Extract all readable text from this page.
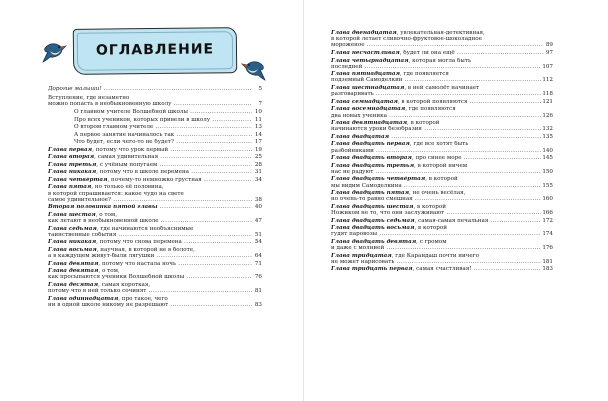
ОГЛАВЛЕНИЕ
Дорогие малыши! .....	5
Вступление, где незаметно
можно попасть в необыкновенную школу .....	7
О главном учителе Волшебной школы .....	10
Про всех учеников, которых привели в школу .....	11
О втором главном учителе .....	13
А первое занятие начиналось так .....	14
Что будет, если чего-то не будет? .....	17
Глава первая, потому что урок первый .....	19
Глава вторая, самая удивительная .....	25
Глава третья, с учёным попугаем .....	28
Глава никакая, потому что в школе перемена .....	31
Глава четвёртая, почему-то немножко грустная .....	34
Глава пятая, но только её половина,
в которой спрашивается: какое чудо на свете
самое удивительное? .....	38
Вторая половинка пятой главы .....	40
Глава шестая, о том,
как летают в необыкновенной школе .....	47
Глава седьмая, где начинаются необъяснимые
таинственные события .....	51
Глава никакая, потому что снова перемена .....	54
Глава восьмая, научная, в которой не в болоте,
а в каждущем живут-были лягушки .....	64
Глава девятая, потому что настала ночь .....	71
Глава девятая, о том,
как просыпаются ученики Волшебной школы .....	76
Глава десятая, самая короткая,
потому что в ней только сочинят .....	81
Глава одиннадцатая, про такое, чего
ни в одной школе никому не разрешают .....	83
Глава двенадцатая, увлекательная-детективная,
в которой летает сливочно-фруктовое-шоколадное
мороженое .....	89
Глава несчастливая, будет ли она ещё .....	97
Глава четырнадцатая, которая могла быть
последней .....	107
Глава пятнадцатая, где появляется
подземный Самоделкин .....	112
Глава шестнадцатая, в ней самолёт начинает
разговаривать .....	118
Глава семнадцатая, в которой появляются .....	121
Глава восемнадцатая, где появляются
два новых ученика .....	126
Глава девятнадцатая, в которой
начинаются уроки безобразия .....	132
Глава двадцатая .....	135
Глава двадцать первая, где все хотят быть
разбойниками .....	140
Глава двадцать вторая, про синее море .....	145
Глава двадцать третья, в которой ничем
нас не радуют .....	150
Глава двадцать четвёртая, в которой
мы видим Самоделкина .....	155
Глава двадцать пятая, не очень весёлая,
но очень-то равно смешная .....	160
Глава двадцать шестая, в которой
Ножиком не то, что они заслуживают .....	166
Глава двадцать седьмая, самая-самая печальная .....	172
Глава двадцать восьмая, в которой
гудят паровозы .....	174
Глава двадцать девятая, с громом
и даже с молнией .....	176
Глава тридцатая, где Карандаш почти ничего
не может нарисовать .....	181
Глава тридцать первая, самая счастливая! .....	183
